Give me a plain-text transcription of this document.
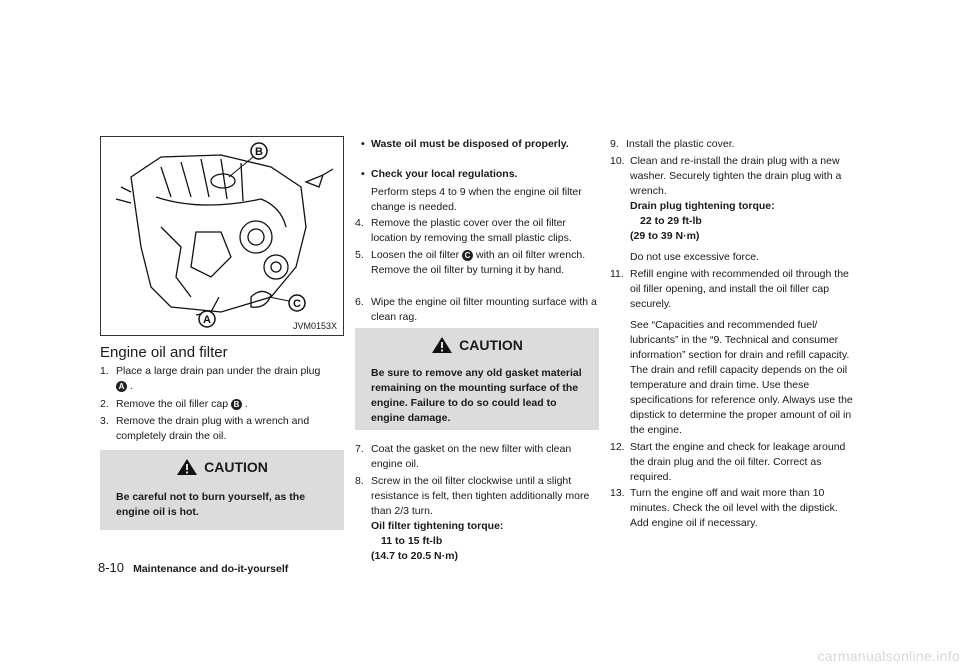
B
C
A	JVM0153X
Engine oil and filter
1. Place a large drain pan under the drain plug
A .
2. Remove the oil filler cap B .
3. Remove the drain plug with a wrench and completely drain the oil.
CAUTION
Be careful not to burn yourself, as the engine oil is hot.
• Waste oil must be disposed of properly.
• Check your local regulations.
Perform steps 4 to 9 when the engine oil filter change is needed.
4. Remove the plastic cover over the oil filter location by removing the small plastic clips.
5. Loosen the oil filter C with an oil filter wrench. Remove the oil filter by turning it by hand.
6. Wipe the engine oil filter mounting surface with a clean rag.
CAUTION
Be sure to remove any old gasket material remaining on the mounting surface of the engine. Failure to do so could lead to engine damage.
7. Coat the gasket on the new filter with clean engine oil.
8. Screw in the oil filter clockwise until a slight resistance is felt, then tighten additionally more than 2/3 turn.
Oil filter tightening torque:
11 to 15 ft-lb
(14.7 to 20.5 N·m)
9. Install the plastic cover.
10. Clean and re-install the drain plug with a new washer. Securely tighten the drain plug with a wrench.
Drain plug tightening torque:
22 to 29 ft-lb
(29 to 39 N·m)
Do not use excessive force.
11. Refill engine with recommended oil through the oil filler opening, and install the oil filler cap securely.
See “Capacities and recommended fuel/ lubricants” in the “9. Technical and consumer information” section for drain and refill capacity. The drain and refill capacity depends on the oil temperature and drain time. Use these specifications for reference only. Always use the dipstick to determine the proper amount of oil in the engine.
12. Start the engine and check for leakage around the drain plug and the oil filter. Correct as required.
13. Turn the engine off and wait more than 10 minutes. Check the oil level with the dipstick. Add engine oil if necessary.
8-10 Maintenance and do-it-yourself
carmanualsonline.info
